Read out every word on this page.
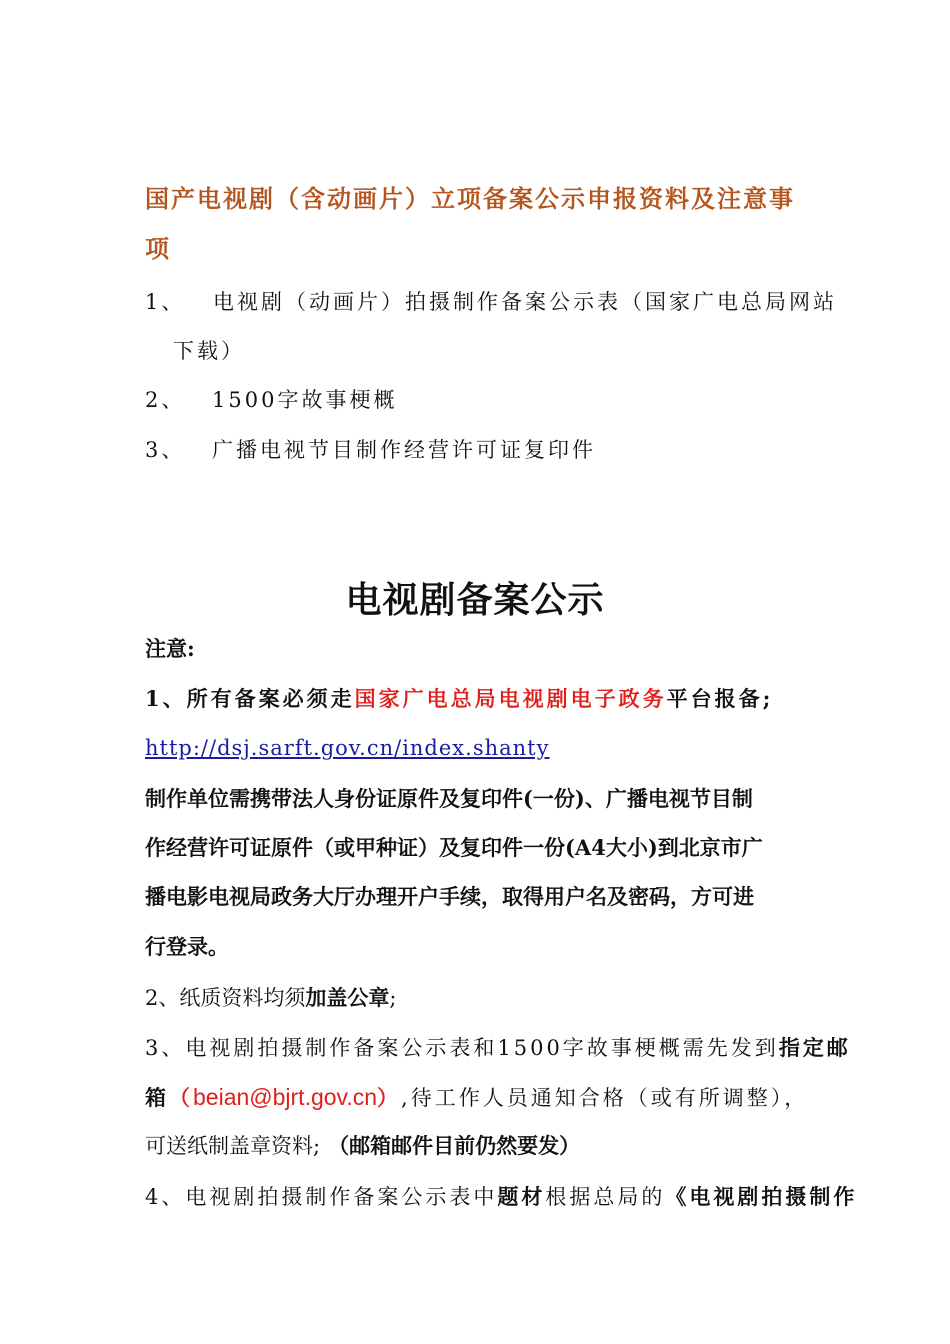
国产电视剧（含动画片）立项备案公示申报资料及注意事
项
1、 电视剧（动画片）拍摄制作备案公示表（国家广电总局网站
下载）
2、 1500字故事梗概
3、 广播电视节目制作经营许可证复印件
电视剧备案公示
注意:
1、所有备案必须走国家广电总局电视剧电子政务平台报备;
http://dsj.sarft.gov.cn/index.shanty
制作单位需携带法人身份证原件及复印件(一份)、广播电视节目制
作经营许可证原件（或甲种证）及复印件一份(A4大小)到北京市广
播电影电视局政务大厅办理开户手续，取得用户名及密码，方可进
行登录。
2、纸质资料均须加盖公章;
3、电视剧拍摄制作备案公示表和1500字故事梗概需先发到指定邮
箱（beian@bjrt.gov.cn）,待工作人员通知合格（或有所调整），
可送纸制盖章资料; （邮箱邮件目前仍然要发）
4、电视剧拍摄制作备案公示表中题材根据总局的《电视剧拍摄制作
